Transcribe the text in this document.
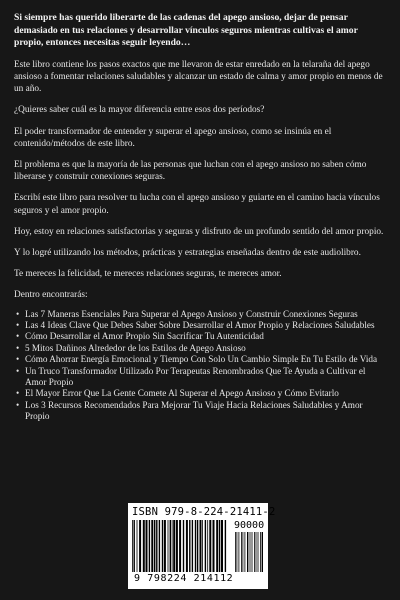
Si siempre has querido liberarte de las cadenas del apego ansioso, dejar de pensar demasiado en tus relaciones y desarrollar vínculos seguros mientras cultivas el amor propio, entonces necesitas seguir leyendo…

Este libro contiene los pasos exactos que me llevaron de estar enredado en la telaraña del apego ansioso a fomentar relaciones saludables y alcanzar un estado de calma y amor propio en menos de un año.

¿Quieres saber cuál es la mayor diferencia entre esos dos períodos?

El poder transformador de entender y superar el apego ansioso, como se insinúa en el contenido/métodos de este libro.

El problema es que la mayoría de las personas que luchan con el apego ansioso no saben cómo liberarse y construir conexiones seguras.

Escribí este libro para resolver tu lucha con el apego ansioso y guiarte en el camino hacia vínculos seguros y el amor propio.

Hoy, estoy en relaciones satisfactorias y seguras y disfruto de un profundo sentido del amor propio.

Y lo logré utilizando los métodos, prácticas y estrategias enseñadas dentro de este audiolibro.

Te mereces la felicidad, te mereces relaciones seguras, te mereces amor.

Dentro encontrarás:

• Las 7 Maneras Esenciales Para Superar el Apego Ansioso y Construir Conexiones Seguras
• Las 4 Ideas Clave Que Debes Saber Sobre Desarrollar el Amor Propio y Relaciones Saludables
• Cómo Desarrollar el Amor Propio Sin Sacrificar Tu Autenticidad
• 5 Mitos Dañinos Alrededor de los Estilos de Apego Ansioso
• Cómo Ahorrar Energía Emocional y Tiempo Con Solo Un Cambio Simple En Tu Estilo de Vida
• Un Truco Transformador Utilizado Por Terapeutas Renombrados Que Te Ayuda a Cultivar el Amor Propio
• El Mayor Error Que La Gente Comete Al Superar el Apego Ansioso y Cómo Evitarlo
• Los 3 Recursos Recomendados Para Mejorar Tu Viaje Hacia Relaciones Saludables y Amor Propio
ISBN 979-8-224-21411-2
90000
9 798224 214112
